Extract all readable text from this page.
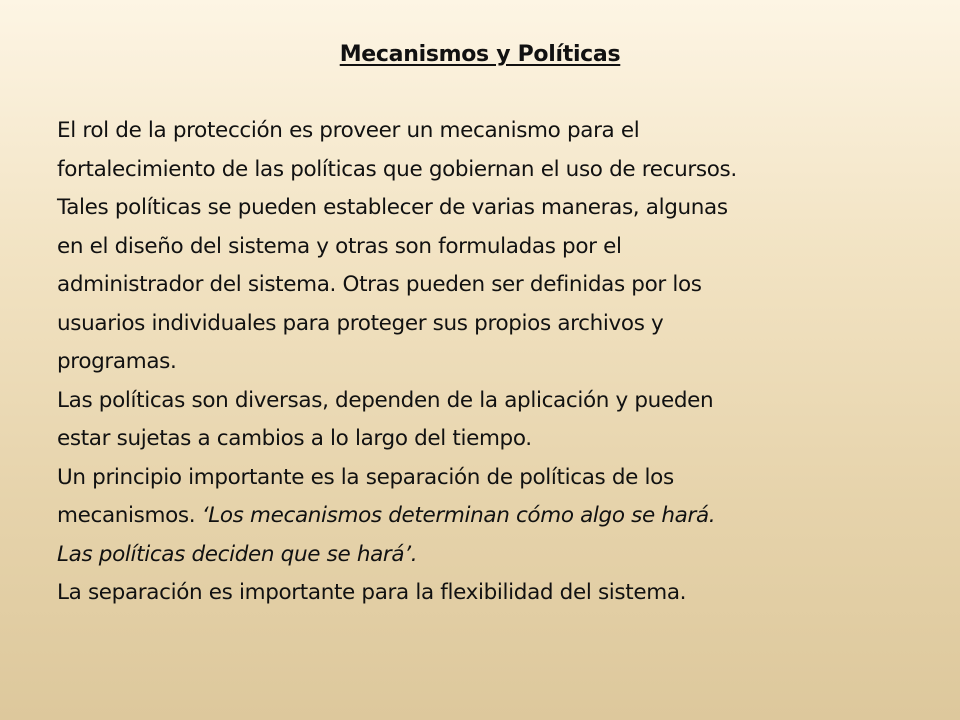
Mecanismos y Políticas
El rol de la protección es proveer un mecanismo para el
fortalecimiento de las políticas que gobiernan el uso de recursos.
Tales políticas se pueden establecer de varias maneras, algunas
en el diseño del sistema y otras son formuladas por el
administrador del sistema. Otras pueden ser definidas por los
usuarios individuales para proteger sus propios archivos y
programas.
Las políticas son diversas, dependen de la aplicación y pueden
estar sujetas a cambios a lo largo del tiempo.
Un principio importante es la separación de políticas de los
mecanismos. ‘Los mecanismos determinan cómo algo se hará.
Las políticas deciden que se hará’.
La separación es importante para la flexibilidad del sistema.
